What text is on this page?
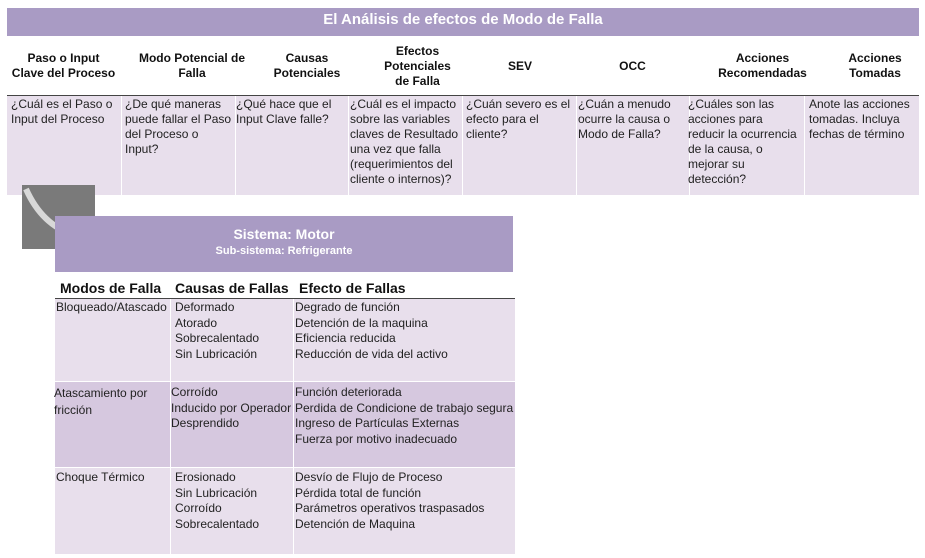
El Análisis de efectos de Modo de Falla
Paso o Input
Clave del Proceso
Modo Potencial de
Falla
Causas
Potenciales
Efectos
Potenciales
de Falla
SEV	OCC
Acciones
Recomendadas
Acciones
Tomadas
¿Cuál es el Paso o Input del Proceso
¿De qué maneras puede fallar el Paso del Proceso o Input?
¿Qué hace que el Input Clave falle?
¿Cuál es el impacto sobre las variables claves de Resultado una vez que falla (requerimientos del cliente o internos)?
¿Cuán severo es el efecto para el cliente?
¿Cuán a menudo ocurre la causa o Modo de Falla?
¿Cuáles son las acciones para reducir la ocurrencia de la causa, o mejorar su detección?
Anote las acciones tomadas. Incluya fechas de término
Sistema: Motor
Sub-sistema: Refrigerante
Modos de Falla Causas de Fallas Efecto de Fallas
Bloqueado/Atascado Deformado
Atorado
Sobrecalentado
Sin Lubricación
Degrado de función
Detención de la maquina
Eficiencia reducida
Reducción de vida del activo
Atascamiento por
fricción
Corroído
Inducido por Operador
Desprendido
Función deteriorada
Perdida de Condicione de trabajo segura
Ingreso de Partículas Externas
Fuerza por motivo inadecuado
Choque Térmico	Erosionado
Sin Lubricación
Corroído
Sobrecalentado
Desvío de Flujo de Proceso
Pérdida total de función
Parámetros operativos traspasados
Detención de Maquina
